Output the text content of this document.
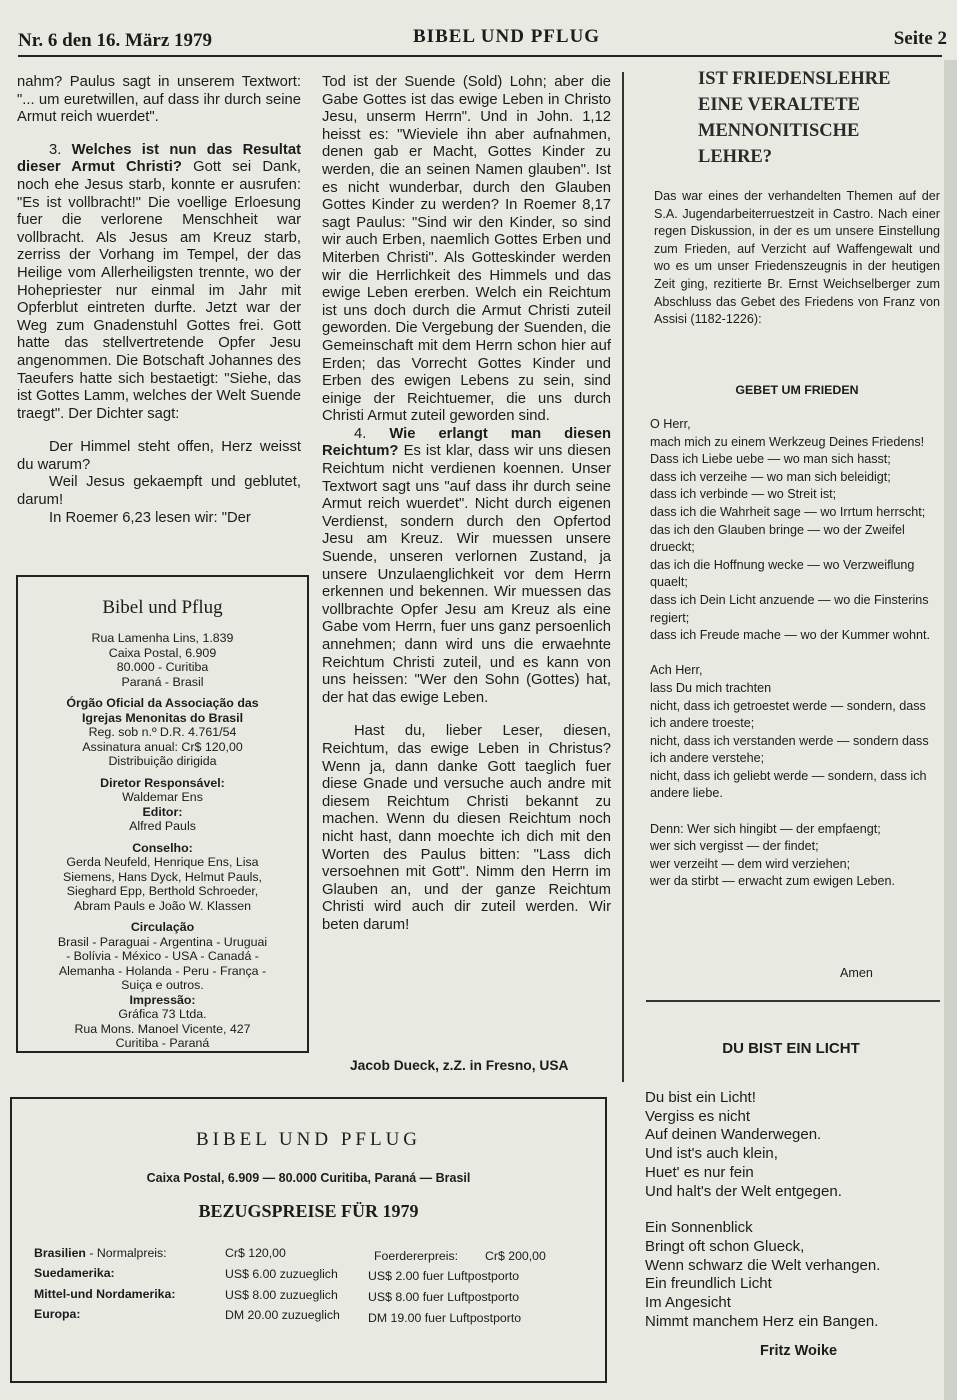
Nr. 6 den 16. März 1979	BIBEL UND PFLUG	Seite 2

nahm? Paulus sagt in unserem Textwort: "... um euretwillen, auf dass ihr durch seine Armut reich wuerdet".

3. Welches ist nun das Resultat dieser Armut Christi? Gott sei Dank, noch ehe Jesus starb, konnte er ausrufen: "Es ist vollbracht!" Die voellige Erloesung fuer die verlorene Menschheit war vollbracht. Als Jesus am Kreuz starb, zerriss der Vorhang im Tempel, der das Heilige vom Allerheiligsten trennte, wo der Hohepriester nur einmal im Jahr mit Opferblut eintreten durfte. Jetzt war der Weg zum Gnadenstuhl Gottes frei. Gott hatte das stellvertretende Opfer Jesu angenommen. Die Botschaft Johannes des Taeufers hatte sich bestaetigt: "Siehe, das ist Gottes Lamm, welches der Welt Suende traegt". Der Dichter sagt:

Der Himmel steht offen, Herz weisst du warum?

Weil Jesus gekaempft und geblutet, darum!

In Roemer 6,23 lesen wir: "Der

Tod ist der Suende (Sold) Lohn; aber die Gabe Gottes ist das ewige Leben in Christo Jesu, unserm Herrn". Und in John. 1,12 heisst es: "Wieviele ihn aber aufnahmen, denen gab er Macht, Gottes Kinder zu werden, die an seinen Namen glauben". Ist es nicht wunderbar, durch den Glauben Gottes Kinder zu werden? In Roemer 8,17 sagt Paulus: "Sind wir den Kinder, so sind wir auch Erben, naemlich Gottes Erben und Miterben Christi". Als Gotteskinder werden wir die Herrlichkeit des Himmels und das ewige Leben ererben. Welch ein Reichtum ist uns doch durch die Armut Christi zuteil geworden. Die Vergebung der Suenden, die Gemeinschaft mit dem Herrn schon hier auf Erden; das Vorrecht Gottes Kinder und Erben des ewigen Lebens zu sein, sind einige der Reichtuemer, die uns durch Christi Armut zuteil geworden sind.

4. Wie erlangt man diesen Reichtum? Es ist klar, dass wir uns diesen Reichtum nicht verdienen koennen. Unser Textwort sagt uns "auf dass ihr durch seine Armut reich wuerdet". Nicht durch eigenen Verdienst, sondern durch den Opfertod Jesu am Kreuz. Wir muessen unsere Suende, unseren verlornen Zustand, ja unsere Unzulaenglichkeit vor dem Herrn erkennen und bekennen. Wir muessen das vollbrachte Opfer Jesu am Kreuz als eine Gabe vom Herrn, fuer uns ganz persoenlich annehmen; dann wird uns die erwaehnte Reichtum Christi zuteil, und es kann von uns heissen: "Wer den Sohn (Gottes) hat, der hat das ewige Leben.

Hast du, lieber Leser, diesen, Reichtum, das ewige Leben in Christus? Wenn ja, dann danke Gott taeglich fuer diese Gnade und versuche auch andre mit diesem Reichtum Christi bekannt zu machen. Wenn du diesen Reichtum noch nicht hast, dann moechte ich dich mit den Worten des Paulus bitten: "Lass dich versoehnen mit Gott". Nimm den Herrn im Glauben an, und der ganze Reichtum Christi wird auch dir zuteil werden. Wir beten darum!

Jacob Dueck, z.Z. in Fresno, USA
Bibel und Pflug
Rua Lamenha Lins, 1.839
Caixa Postal, 6.909
80.000 - Curitiba
Paraná - Brasil
Órgão Oficial da Associação das
Igrejas Menonitas do Brasil
Reg. sob n.º D.R. 4.761/54
Assinatura anual: Cr$ 120,00
Distribuição dirigida
Diretor Responsável:
Waldemar Ens
Editor:
Alfred Pauls
Conselho:
Gerda Neufeld, Henrique Ens, Lisa
Siemens, Hans Dyck, Helmut Pauls,
Sieghard Epp, Berthold Schroeder,
Abram Pauls e João W. Klassen
Circulação
Brasil - Paraguai - Argentina - Uruguai
- Bolívia - México - USA - Canadá -
Alemanha - Holanda - Peru - França -
Suiça e outros.
Impressão:
Gráfica 73 Ltda.
Rua Mons. Manoel Vicente, 427
Curitiba - Paraná
BIBEL UND PFLUG
Caixa Postal, 6.909 — 80.000 Curitiba, Paraná — Brasil
BEZUGSPREISE FÜR 1979
Brasilien - Normalpreis:	Cr$ 120,00	Foerdererpreis: Cr$ 200,00
Suedamerika:	US$ 6.00 zuzueglich US$ 2.00 fuer Luftpostporto
Mittel-und Nordamerika:	US$ 8.00 zuzueglich US$ 8.00 fuer Luftpostporto
Europa:	DM 20.00 zuzueglich DM 19.00 fuer Luftpostporto
IST FRIEDENSLEHRE
EINE VERALTETE
MENNONITISCHE
LEHRE?
Das war eines der verhandelten Themen auf der S.A. Jugendarbeiterruestzeit in Castro. Nach einer regen Diskussion, in der es um unsere Einstellung zum Frieden, auf Verzicht auf Waffengewalt und wo es um unser Friedenszeugnis in der heutigen Zeit ging, rezitierte Br. Ernst Weichselberger zum Abschluss das Gebet des Friedens von Franz von Assisi (1182-1226):
GEBET UM FRIEDEN

O Herr,

mach mich zu einem Werkzeug Deines Friedens!

Dass ich Liebe uebe — wo man sich hasst;

dass ich verzeihe — wo man sich beleidigt;

dass ich verbinde — wo Streit ist;

dass ich die Wahrheit sage — wo Irrtum herrscht;

das ich den Glauben bringe — wo der Zweifel drueckt;

das ich die Hoffnung wecke — wo Verzweiflung quaelt;

dass ich Dein Licht anzuende — wo die Finsterins regiert;

dass ich Freude mache — wo der Kummer wohnt.

Ach Herr,

lass Du mich trachten

nicht, dass ich getroestet werde — sondern, dass ich andere troeste;

nicht, dass ich verstanden werde — sondern dass ich andere verstehe;

nicht, dass ich geliebt werde — sondern, dass ich andere liebe.

Denn: Wer sich hingibt — der empfaengt;

wer sich vergisst — der findet;

wer verzeiht — dem wird verziehen;

wer da stirbt — erwacht zum ewigen Leben.

Amen
DU BIST EIN LICHT

Du bist ein Licht!

Vergiss es nicht

Auf deinen Wanderwegen.

Und ist's auch klein,

Huet' es nur fein

Und halt's der Welt entgegen.

Ein Sonnenblick

Bringt oft schon Glueck,

Wenn schwarz die Welt verhangen.

Ein freundlich Licht

Im Angesicht

Nimmt manchem Herz ein Bangen.

Fritz Woike
